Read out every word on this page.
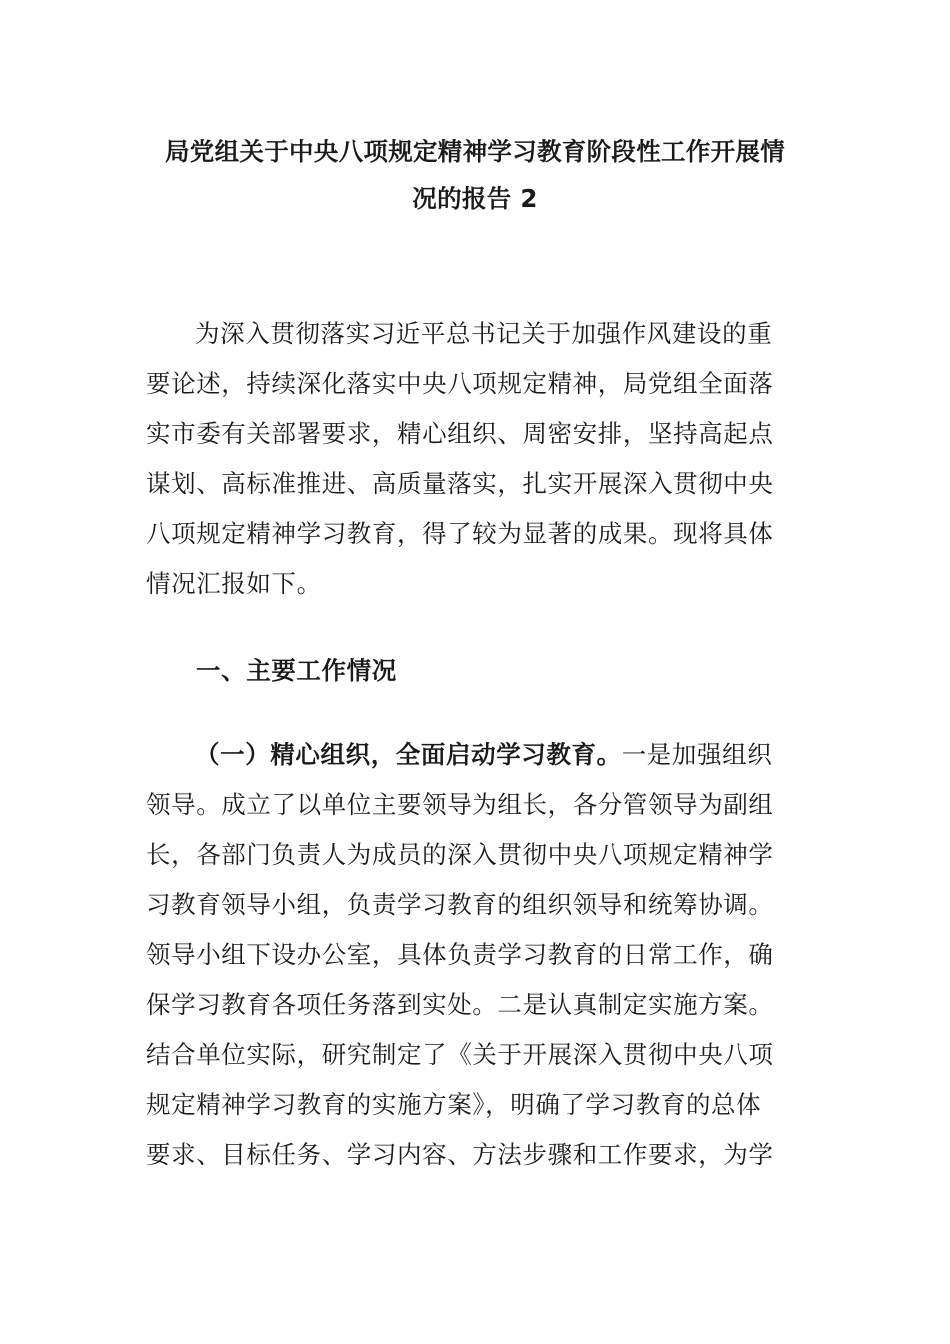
局党组关于中央八项规定精神学习教育阶段性工作开展情
况的报告 2

为深入贯彻落实习近平总书记关于加强作风建设的重
要论述，持续深化落实中央八项规定精神，局党组全面落
实市委有关部署要求，精心组织、周密安排，坚持高起点
谋划、高标准推进、高质量落实，扎实开展深入贯彻中央
八项规定精神学习教育，得了较为显著的成果。现将具体
情况汇报如下。

一、主要工作情况

（一）精心组织，全面启动学习教育。一是加强组织
领导。成立了以单位主要领导为组长，各分管领导为副组
长，各部门负责人为成员的深入贯彻中央八项规定精神学
习教育领导小组，负责学习教育的组织领导和统筹协调。
领导小组下设办公室，具体负责学习教育的日常工作，确
保学习教育各项任务落到实处。二是认真制定实施方案。
结合单位实际，研究制定了《关于开展深入贯彻中央八项
规定精神学习教育的实施方案》，明确了学习教育的总体
要求、目标任务、学习内容、方法步骤和工作要求，为学
